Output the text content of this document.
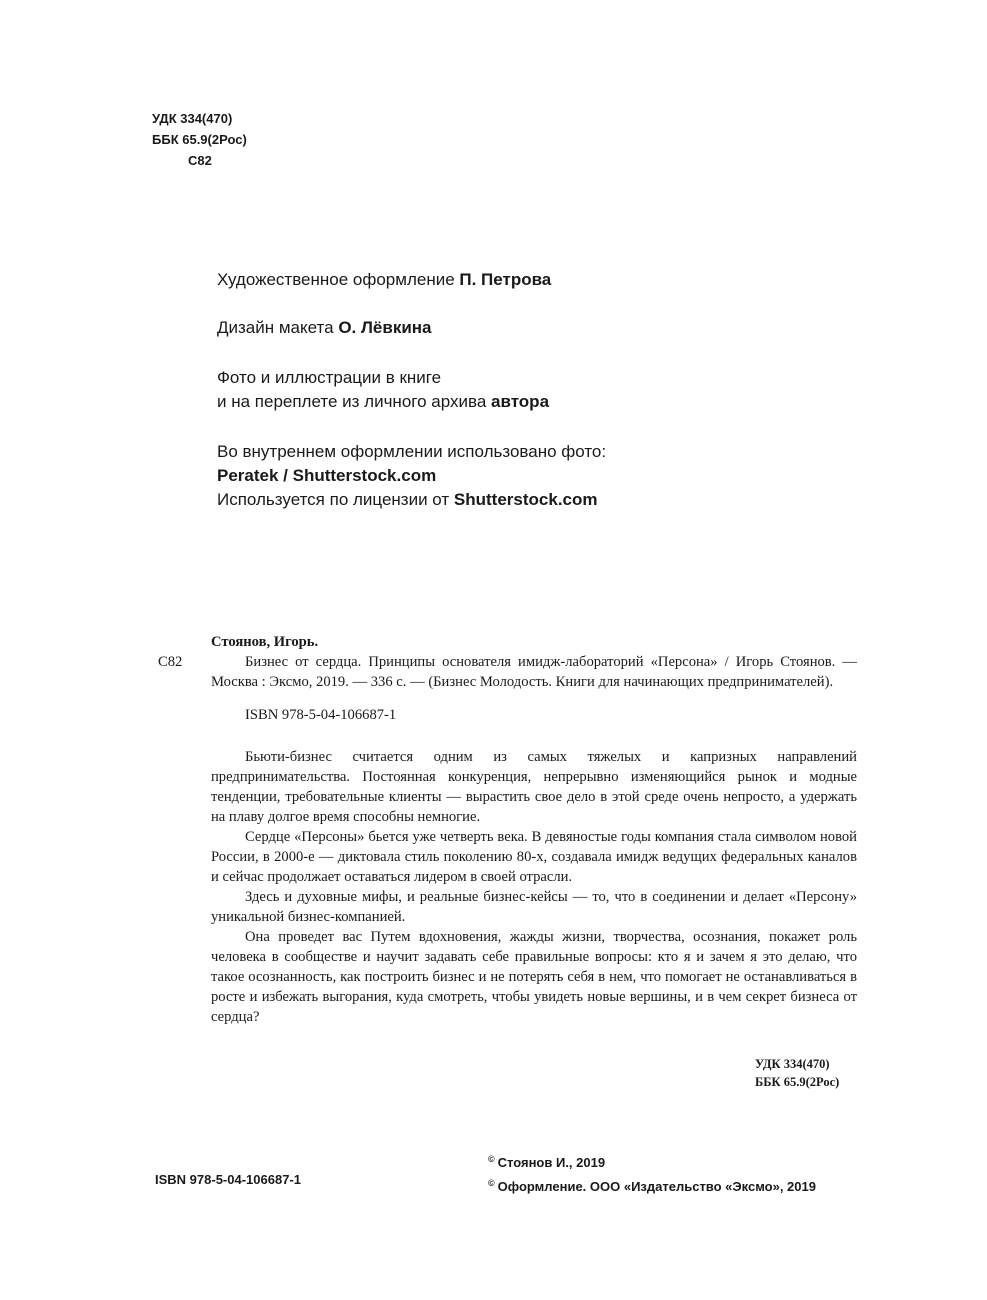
УДК 334(470)
ББК 65.9(2Рос)
С82
Художественное оформление П. Петрова
Дизайн макета О. Лёвкина
Фото и иллюстрации в книге
и на переплете из личного архива автора
Во внутреннем оформлении использовано фото:
Peratek / Shutterstock.com
Используется по лицензии от Shutterstock.com
С82

Стоянов, Игорь.

Бизнес от сердца. Принципы основателя имидж-лабораторий «Персона» / Игорь Стоянов. — Москва : Эксмо, 2019. — 336 с. — (Бизнес Молодость. Книги для начинающих предпринимателей).

ISBN 978-5-04-106687-1

Бьюти-бизнес считается одним из самых тяжелых и капризных направлений предпринимательства. Постоянная конкуренция, непрерывно изменяющийся рынок и модные тенденции, требовательные клиенты — вырастить свое дело в этой среде очень непросто, а удержать на плаву долгое время способны немногие.

Сердце «Персоны» бьется уже четверть века. В девяностые годы компания стала символом новой России, в 2000-е — диктовала стиль поколению 80-х, создавала имидж ведущих федеральных каналов и сейчас продолжает оставаться лидером в своей отрасли.

Здесь и духовные мифы, и реальные бизнес-кейсы — то, что в соединении и делает «Персону» уникальной бизнес-компанией.

Она проведет вас Путем вдохновения, жажды жизни, творчества, осознания, покажет роль человека в сообществе и научит задавать себе правильные вопросы: кто я и зачем я это делаю, что такое осознанность, как построить бизнес и не потерять себя в нем, что помогает не останавливаться в росте и избежать выгорания, куда смотреть, чтобы увидеть новые вершины, и в чем секрет бизнеса от сердца?

УДК 334(470)
ББК 65.9(2Рос)
ISBN 978-5-04-106687-1
© Стоянов И., 2019
© Оформление. ООО «Издательство «Эксмо», 2019
